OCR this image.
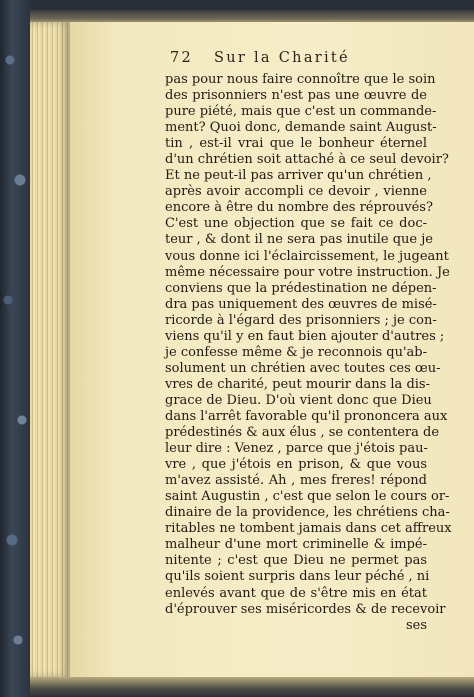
72 Sur la Charité
pas pour nous faire connoître que le soin
des prisonniers n'est pas une œuvre de
pure piété, mais que c'est un commande-
ment? Quoi donc, demande saint August-
tin , est-il vrai que le bonheur éternel
d'un chrétien soit attaché à ce seul devoir?
Et ne peut-il pas arriver qu'un chrétien ,
après avoir accompli ce devoir , vienne
encore à être du nombre des réprouvés?
C'est une objection que se fait ce doc-
teur , & dont il ne sera pas inutile que je
vous donne ici l'éclaircissement, le jugeant
même nécessaire pour votre instruction. Je
conviens que la prédestination ne dépen-
dra pas uniquement des œuvres de misé-
ricorde à l'égard des prisonniers ; je con-
viens qu'il y en faut bien ajouter d'autres ;
je confesse même & je reconnois qu'ab-
solument un chrétien avec toutes ces œu-
vres de charité, peut mourir dans la dis-
grace de Dieu. D'où vient donc que Dieu
dans l'arrêt favorable qu'il prononcera aux
prédestinés & aux élus , se contentera de
leur dire : Venez , parce que j'étois pau-
vre , que j'étois en prison, & que vous
m'avez assisté. Ah , mes freres! répond
saint Augustin , c'est que selon le cours or-
dinaire de la providence, les chrétiens cha-
ritables ne tombent jamais dans cet affreux
malheur d'une mort criminelle & impé-
nitente ; c'est que Dieu ne permet pas
qu'ils soient surpris dans leur péché , ni
enlevés avant que de s'être mis en état
d'éprouver ses miséricordes & de recevoir
ses
